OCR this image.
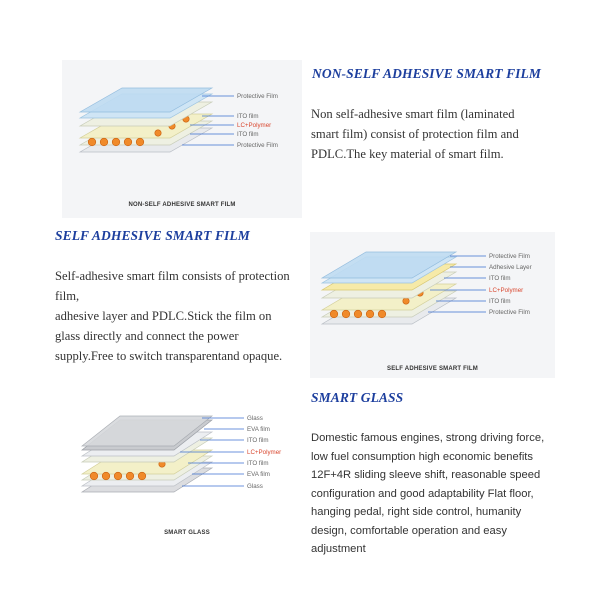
Protective Film
ITO film
LC+Polymer
ITO film
Protective Film
NON-SELF ADHESIVE SMART FILM
NON-SELF ADHESIVE SMART FILM
Non self-adhesive smart film (laminated smart film) consist of protection film and PDLC.The key material of smart film.
SELF ADHESIVE SMART FILM
Self-adhesive smart film consists of protection
film,
adhesive layer and PDLC.Stick the film on
glass directly and connect the power
supply.Free to switch transparentand opaque.
Protective Film
Adhesive Layer
ITO film
LC+Polymer
ITO film
Protective Film
SELF ADHESIVE SMART FILM
Glass
EVA film
ITO film
LC+Polymer
ITO film
EVA film
Glass
SMART GLASS
SMART GLASS
Domestic famous engines, strong driving force,
low fuel consumption high economic benefits
12F+4R sliding sleeve shift, reasonable speed
configuration and good adaptability Flat floor,
hanging pedal, right side control, humanity
design, comfortable operation and easy
adjustment
